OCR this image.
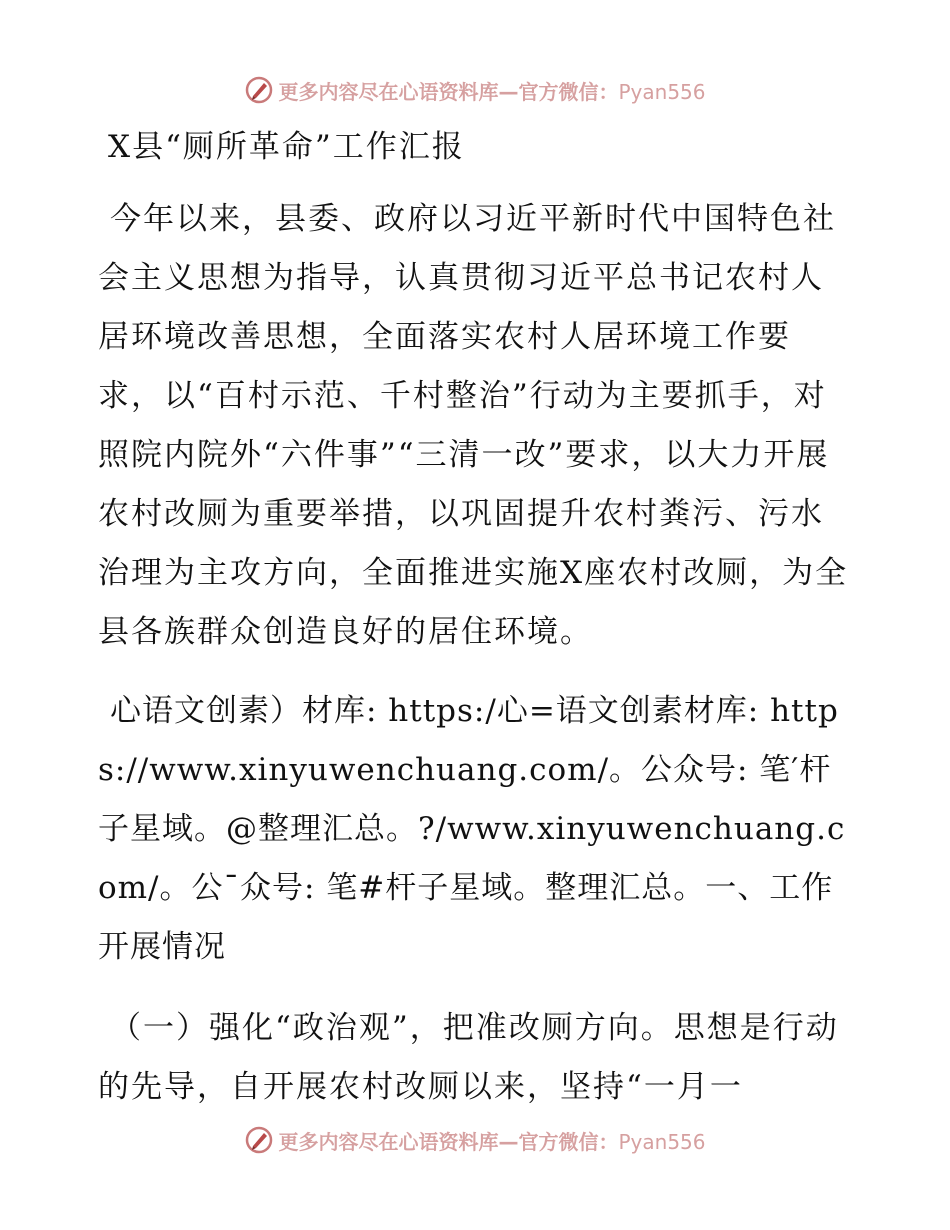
更多内容尽在心语资料库—官方微信：Pyan556
X县“厕所革命”工作汇报

今年以来，县委、政府以习近平新时代中国特色社会主义思想为指导，认真贯彻习近平总书记农村人居环境改善思想，全面落实农村人居环境工作要求，以“百村示范、千村整治”行动为主要抓手，对照院内院外“六件事”“三清一改”要求，以大力开展农村改厕为重要举措，以巩固提升农村粪污、污水治理为主攻方向，全面推进实施X座农村改厕，为全县各族群众创造良好的居住环境。

心语文创素）材库: https:/心=语文创素材库: https://www.xinyuwenchuang.com/。公众号: 笔′杆子星域。@整理汇总。?/www.xinyuwenchuang.com/。公¯众号: 笔#杆子星域。整理汇总。一、工作开展情况

（一）强化“政治观”，把准改厕方向。思想是行动的先导，自开展农村改厕以来，坚持“一月一

更多内容尽在心语资料库—官方微信：Pyan556
